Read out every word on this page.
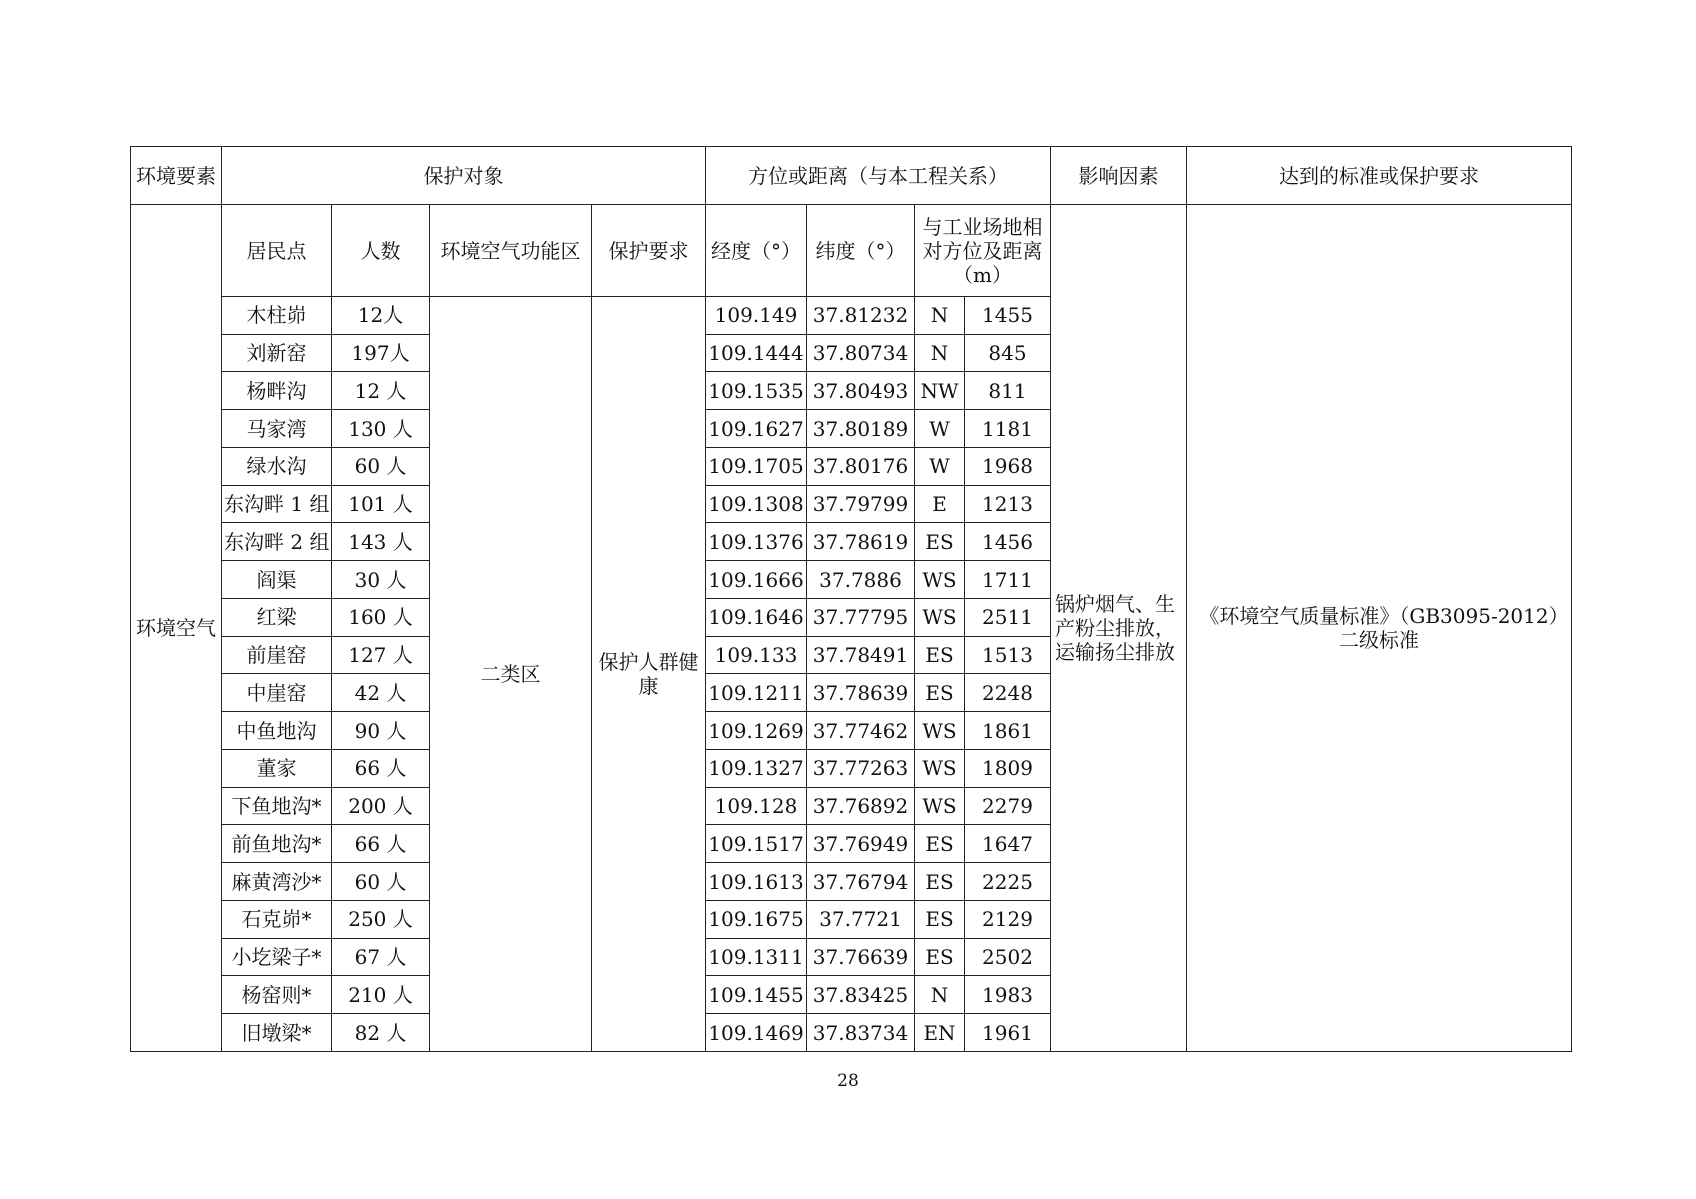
环境要素	保护对象				方位或距离（与本工程关系）				影响因素	达到的标准或保护要求
环境空气	居民点	人数	环境空气功能区	保护要求	经度（°）	纬度（°）	与工业场地相对方位及距离（m）		锅炉烟气、生产粉尘排放，运输扬尘排放	《环境空气质量标准》（GB3095-2012）二级标准
	木柱峁	12人	二类区	保护人群健康	109.149	37.81232	N	1455		
	刘新窑	197人			109.1444	37.80734	N	845		
	杨畔沟	12 人			109.1535	37.80493	NW	811		
	马家湾	130 人			109.1627	37.80189	W	1181		
	绿水沟	60 人			109.1705	37.80176	W	1968		
	东沟畔 1 组	101 人			109.1308	37.79799	E	1213		
	东沟畔 2 组	143 人			109.1376	37.78619	ES	1456		
	阎渠	30 人			109.1666	37.7886	WS	1711		
	红梁	160 人			109.1646	37.77795	WS	2511		
	前崖窑	127 人			109.133	37.78491	ES	1513		
	中崖窑	42 人			109.1211	37.78639	ES	2248		
	中鱼地沟	90 人			109.1269	37.77462	WS	1861		
	董家	66 人			109.1327	37.77263	WS	1809		
	下鱼地沟*	200 人			109.128	37.76892	WS	2279		
	前鱼地沟*	66 人			109.1517	37.76949	ES	1647		
	麻黄湾沙*	60 人			109.1613	37.76794	ES	2225		
	石克峁*	250 人			109.1675	37.7721	ES	2129		
	小圪梁子*	67 人			109.1311	37.76639	ES	2502		
	杨窑则*	210 人			109.1455	37.83425	N	1983		
	旧墩梁*	82 人			109.1469	37.83734	EN	1961		
28
